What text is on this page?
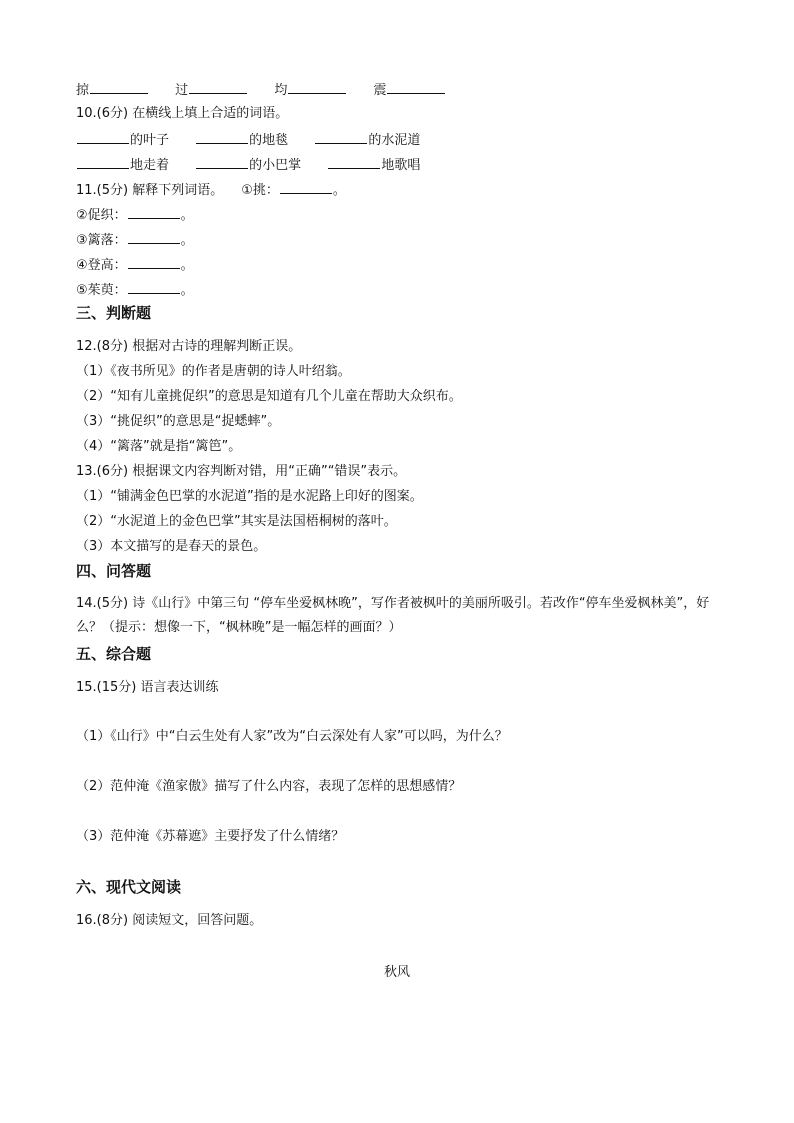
掠	过	均	震
10.(6分) 在横线上填上合适的词语。
的叶子	的地毯	的水泥道
地走着	的小巴掌	地歌唱
11.(5分) 解释下列词语。 ①挑：	。
②促织：	。
③篱落：	。
④登高：	。
⑤茱萸：	。
三、判断题
12.(8分) 根据对古诗的理解判断正误。
（1）《夜书所见》的作者是唐朝的诗人叶绍翁。
（2）“知有儿童挑促织”的意思是知道有几个儿童在帮助大众织布。
（3）“挑促织”的意思是“捉蟋蟀”。
（4）“篱落”就是指“篱笆”。
13.(6分) 根据课文内容判断对错，用“正确”“错误”表示。
（1）“铺满金色巴掌的水泥道”指的是水泥路上印好的图案。
（2）“水泥道上的金色巴掌”其实是法国梧桐树的落叶。
（3）本文描写的是春天的景色。
四、问答题
14.(5分) 诗《山行》中第三句 “停车坐爱枫林晚”，写作者被枫叶的美丽所吸引。若改作“停车坐爱枫林美”，好么？（提示：想像一下，“枫林晚”是一幅怎样的画面？）
五、综合题
15.(15分) 语言表达训练
（1）《山行》中“白云生处有人家”改为“白云深处有人家”可以吗，为什么？
（2）范仲淹《渔家傲》描写了什么内容，表现了怎样的思想感情？
（3）范仲淹《苏幕遮》主要抒发了什么情绪？
六、现代文阅读
16.(8分) 阅读短文，回答问题。
秋风
